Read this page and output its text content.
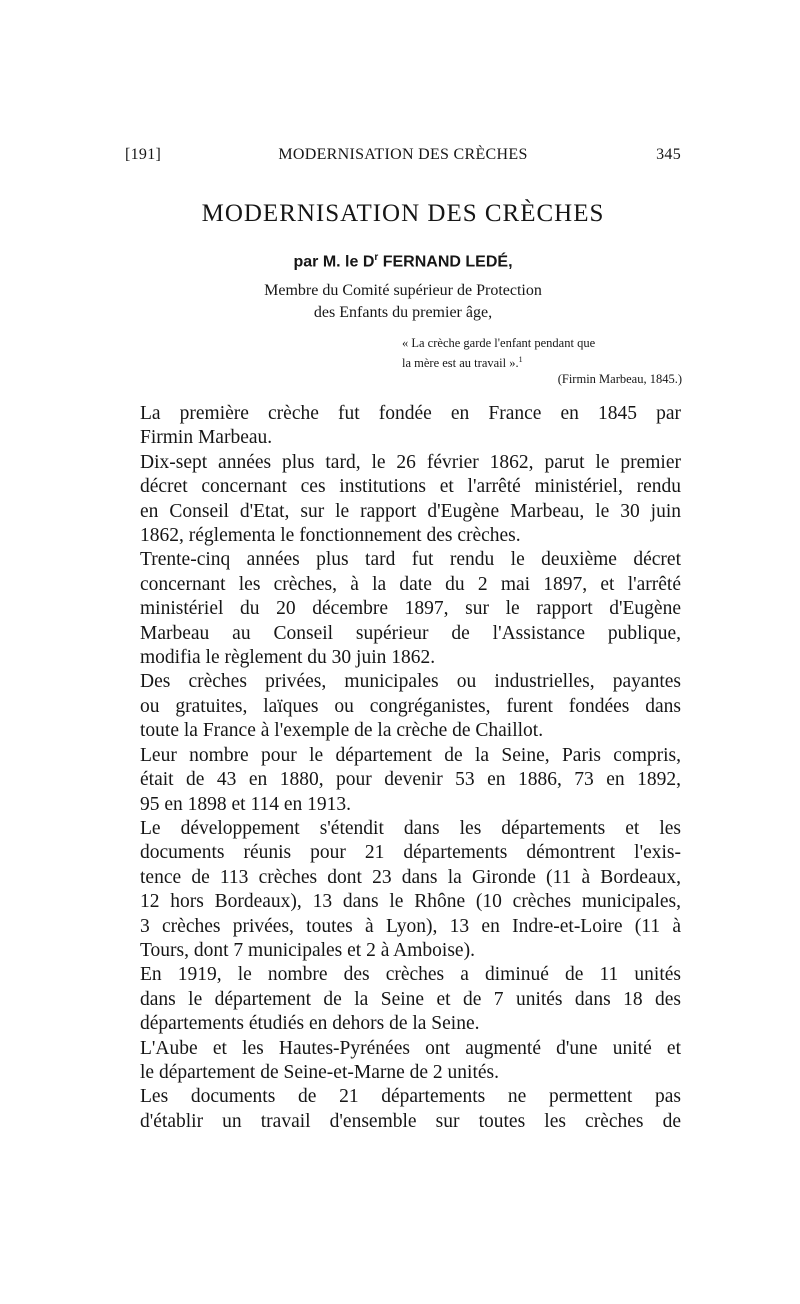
[191]	MODERNISATION DES CRÈCHES	345
MODERNISATION DES CRÈCHES
par M. le $D^r$ FERNAND LEDÉ,
Membre du Comité supérieur de Protection
des Enfants du premier âge,
« La crèche garde l'enfant pendant que
la mère est au travail ».$^1$
(Firmin Marbeau, 1845.)

La première crèche fut fondée en France en 1845 par
Firmin Marbeau.

Dix-sept années plus tard, le 26 février 1862, parut le premier
décret concernant ces institutions et l'arrêté ministériel, rendu
en Conseil d'Etat, sur le rapport d'Eugène Marbeau, le 30 juin
1862, réglementa le fonctionnement des crèches.

Trente-cinq années plus tard fut rendu le deuxième décret
concernant les crèches, à la date du 2 mai 1897, et l'arrêté
ministériel du 20 décembre 1897, sur le rapport d'Eugène
Marbeau au Conseil supérieur de l'Assistance publique,
modifia le règlement du 30 juin 1862.

Des crèches privées, municipales ou industrielles, payantes
ou gratuites, laïques ou congréganistes, furent fondées dans
toute la France à l'exemple de la crèche de Chaillot.

Leur nombre pour le département de la Seine, Paris compris,
était de 43 en 1880, pour devenir 53 en 1886, 73 en 1892,
95 en 1898 et 114 en 1913.

Le développement s'étendit dans les départements et les
documents réunis pour 21 départements démontrent l'exis-
tence de 113 crèches dont 23 dans la Gironde (11 à Bordeaux,
12 hors Bordeaux), 13 dans le Rhône (10 crèches municipales,
3 crèches privées, toutes à Lyon), 13 en Indre-et-Loire (11 à
Tours, dont 7 municipales et 2 à Amboise).

En 1919, le nombre des crèches a diminué de 11 unités
dans le département de la Seine et de 7 unités dans 18 des
départements étudiés en dehors de la Seine.

L'Aube et les Hautes-Pyrénées ont augmenté d'une unité et
le département de Seine-et-Marne de 2 unités.

Les documents de 21 départements ne permettent pas
d'établir un travail d'ensemble sur toutes les crèches de
